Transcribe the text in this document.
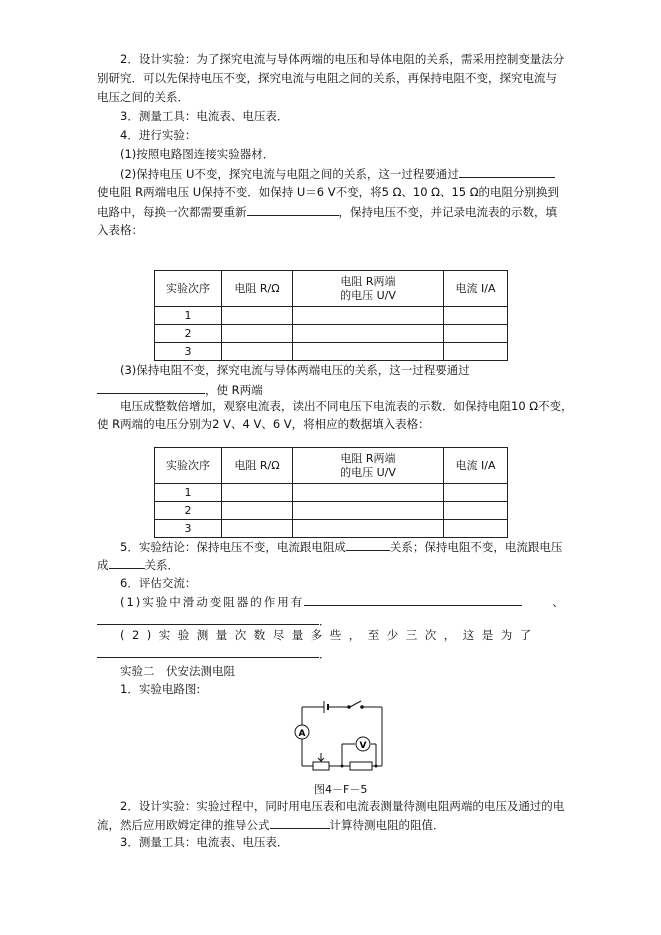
2．设计实验：为了探究电流与导体两端的电压和导体电阻的关系，需采用控制变量法分
别研究．可以先保持电压不变，探究电流与电阻之间的关系，再保持电阻不变，探究电流与
电压之间的关系．
3．测量工具：电流表、电压表．
4．进行实验：
(1)按照电路图连接实验器材．
(2)保持电压 U不变，探究电流与电阻之间的关系，这一过程要通过
使电阻 R两端电压 U保持不变．如保持 U＝6 V不变，将5 Ω、10 Ω、15 Ω的电阻分别换到
电路中，每换一次都需要重新	，保持电压不变，并记录电流表的示数，填
入表格：
实验次序	电阻 R/Ω	电阻 R两端
的电压 U/V	电流 I/A
1			
2			
3			
(3)保持电阻不变，探究电流与导体两端电压的关系，这一过程要通过
，使 R两端
电压成整数倍增加，观察电流表，读出不同电压下电流表的示数．如保持电阻10 Ω不变，
使 R两端的电压分别为2 V、4 V、6 V，将相应的数据填入表格：
实验次序	电阻 R/Ω	电阻 R两端
的电压 U/V	电流 I/A
1			
2			
3			
5．实验结论：保持电压不变，电流跟电阻成	关系；保持电阻不变，电流跟电压
成	关系．
6．评估交流：
(1)实验中滑动变阻器的作用有	、
．
(2)实验测量次数尽量多些，至少三次，这是为了
．
实验二　伏安法测电阻
1．实验电路图:
A
V
图4－F－5
2．设计实验：实验过程中，同时用电压表和电流表测量待测电阻两端的电压及通过的电
流，然后应用欧姆定律的推导公式	计算待测电阻的阻值．
3．测量工具：电流表、电压表．
